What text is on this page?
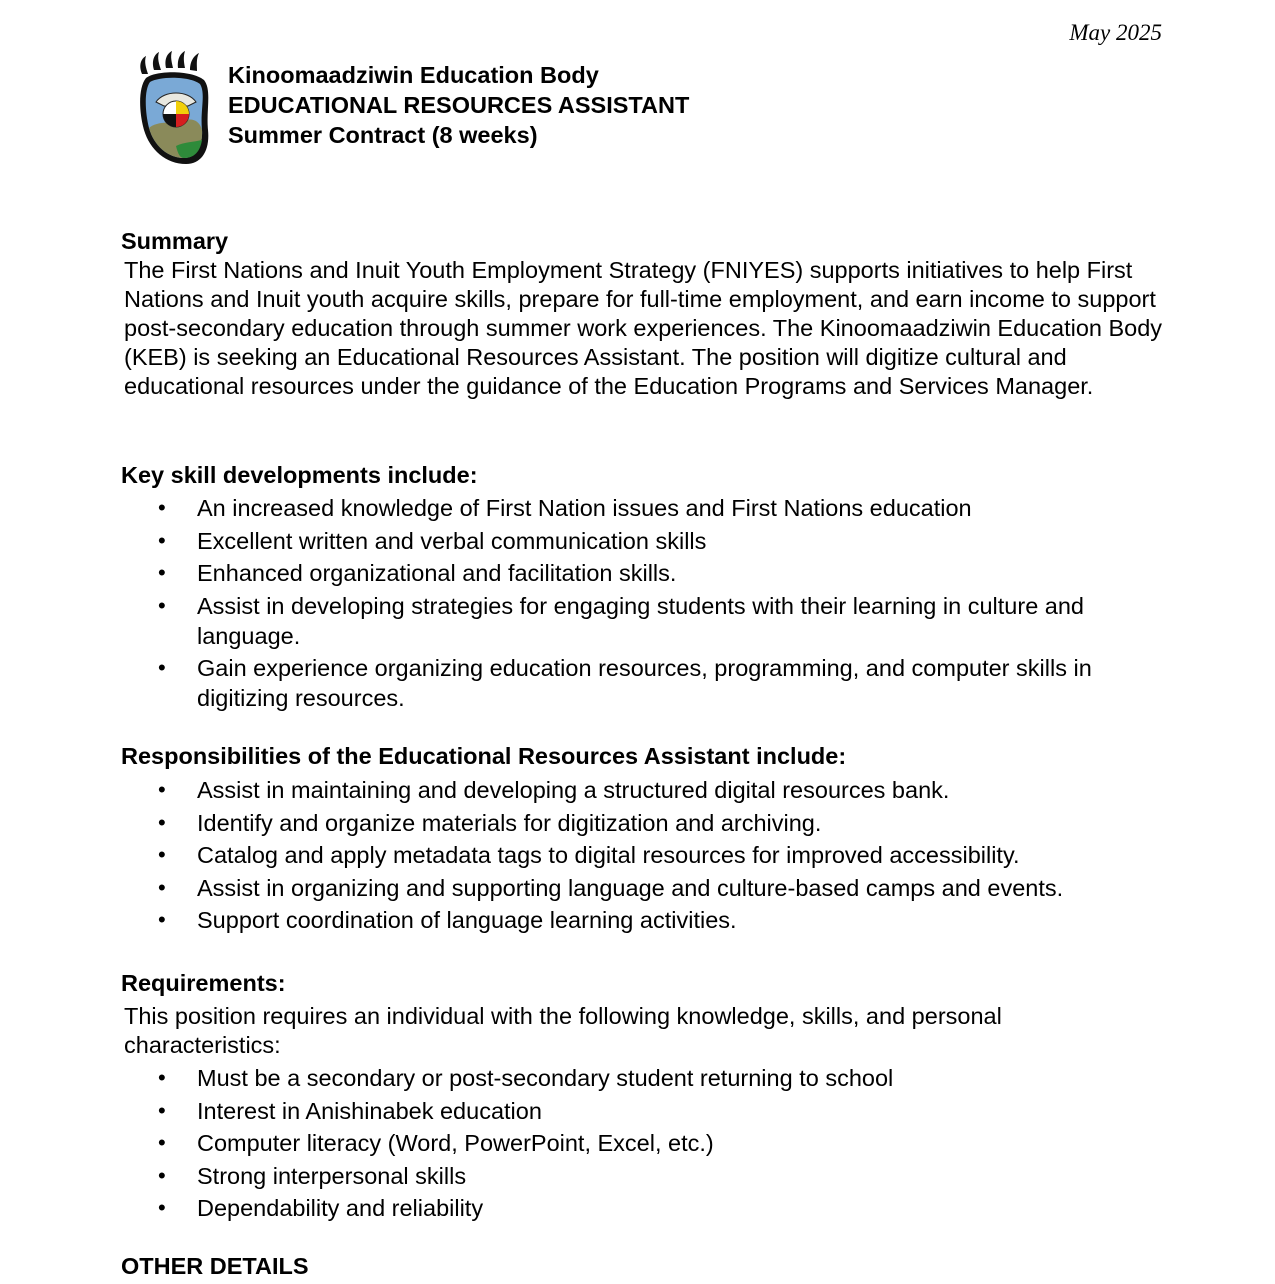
May 2025
Kinoomaadziwin Education Body
EDUCATIONAL RESOURCES ASSISTANT
Summer Contract (8 weeks)
Summary
The First Nations and Inuit Youth Employment Strategy (FNIYES) supports initiatives to help First Nations and Inuit youth acquire skills, prepare for full-time employment, and earn income to support post-secondary education through summer work experiences. The Kinoomaadziwin Education Body (KEB) is seeking an Educational Resources Assistant. The position will digitize cultural and educational resources under the guidance of the Education Programs and Services Manager.
Key skill developments include:
• An increased knowledge of First Nation issues and First Nations education
• Excellent written and verbal communication skills
• Enhanced organizational and facilitation skills.
• Assist in developing strategies for engaging students with their learning in culture and language.
• Gain experience organizing education resources, programming, and computer skills in digitizing resources.
Responsibilities of the Educational Resources Assistant include:
• Assist in maintaining and developing a structured digital resources bank.
• Identify and organize materials for digitization and archiving.
• Catalog and apply metadata tags to digital resources for improved accessibility.
• Assist in organizing and supporting language and culture-based camps and events.
• Support coordination of language learning activities.
Requirements:
This position requires an individual with the following knowledge, skills, and personal characteristics:
• Must be a secondary or post-secondary student returning to school
• Interest in Anishinabek education
• Computer literacy (Word, PowerPoint, Excel, etc.)
• Strong interpersonal skills
• Dependability and reliability
OTHER DETAILS
